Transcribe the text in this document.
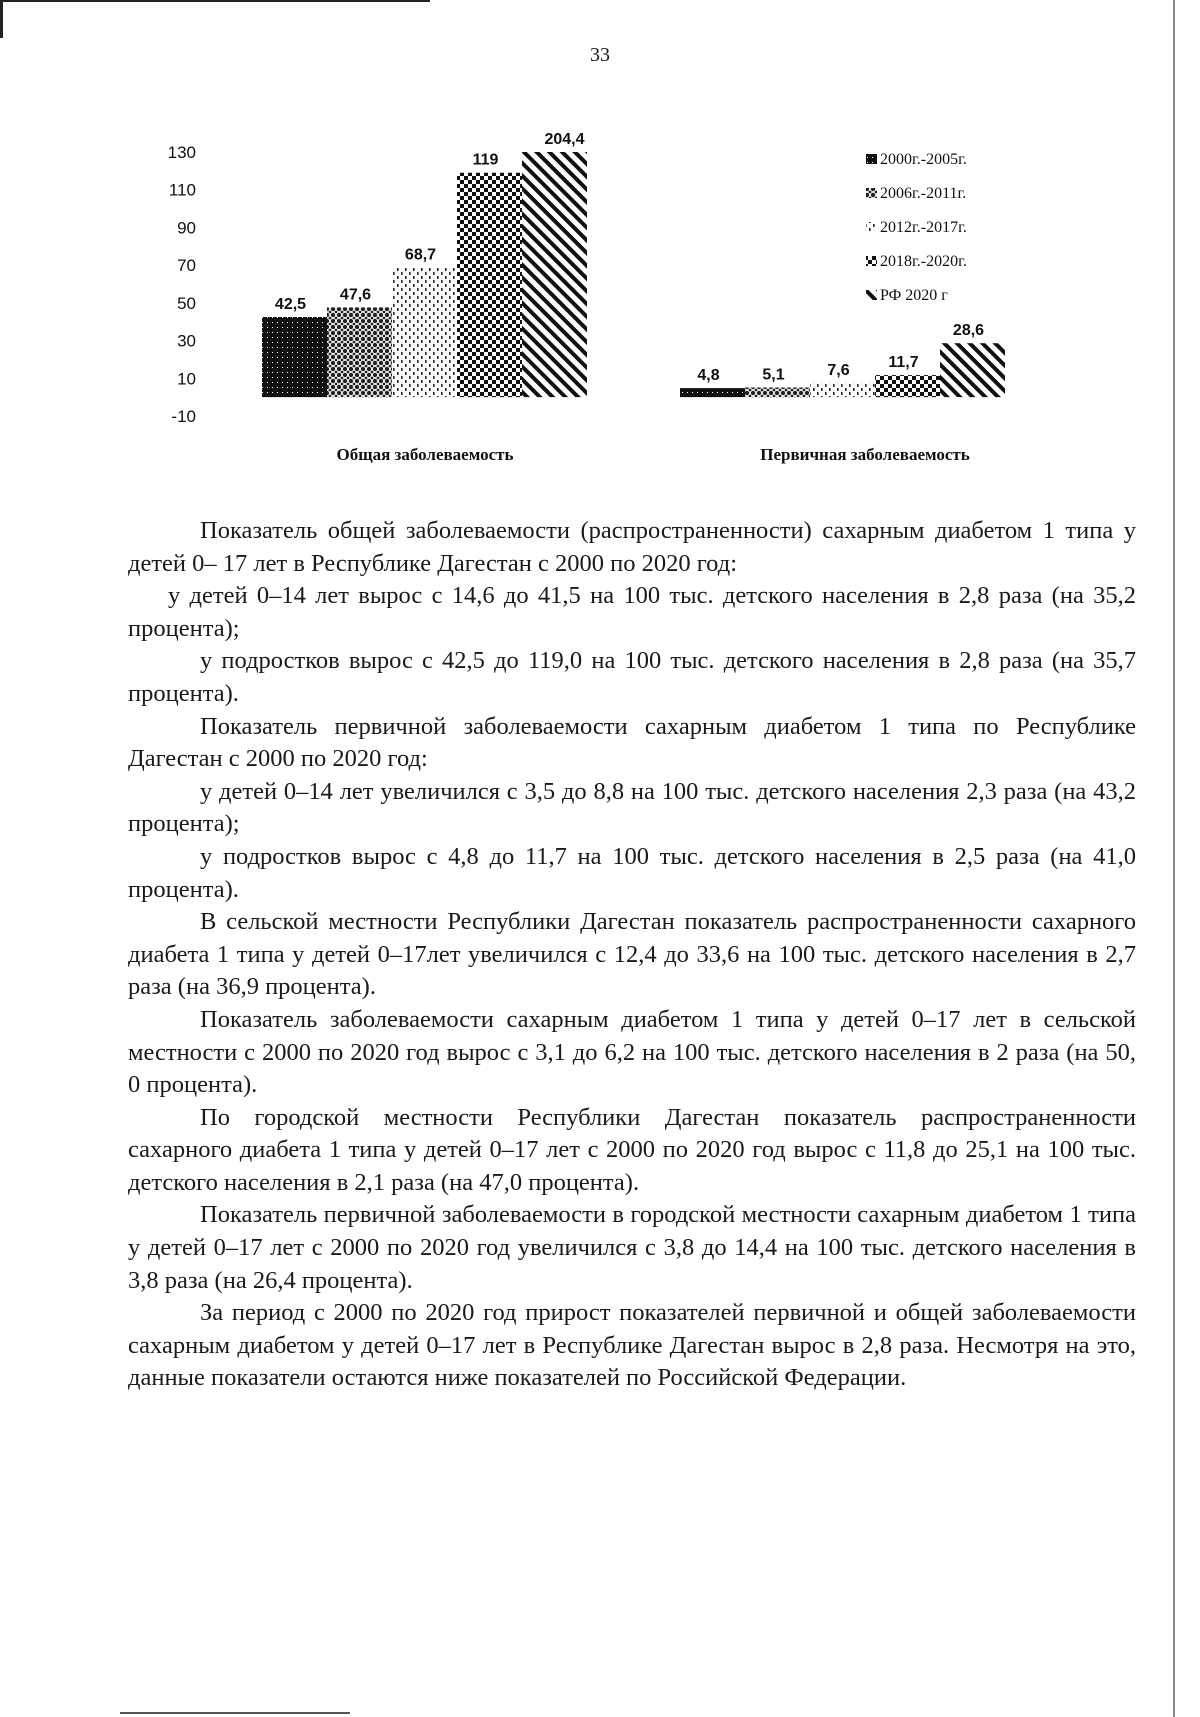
33
130
110
90
70
50
30
10
-10
42,5
47,6
68,7
119
204,4
4,8	5,1	7,6 11,7
28,6
2000г.-2005г.
2006г.-2011г.
2012г.-2017г.
2018г.-2020г.
РФ 2020 г
Общая заболеваемость	Первичная заболеваемость

Показатель общей заболеваемости (распространенности) сахарным диабетом 1 типа у детей 0– 17 лет в Республике Дагестан с 2000 по 2020 год:

у детей 0–14 лет вырос с 14,6 до 41,5 на 100 тыс. детского населения в 2,8 раза (на 35,2 процента);

у подростков вырос с 42,5 до 119,0 на 100 тыс. детского населения в 2,8 раза (на 35,7 процента).

Показатель первичной заболеваемости сахарным диабетом 1 типа по Республике Дагестан с 2000 по 2020 год:

у детей 0–14 лет увеличился с 3,5 до 8,8 на 100 тыс. детского населения 2,3 раза (на 43,2 процента);

у подростков вырос с 4,8 до 11,7 на 100 тыс. детского населения в 2,5 раза (на 41,0 процента).

В сельской местности Республики Дагестан показатель распространенности сахарного диабета 1 типа у детей 0–17лет увеличился с 12,4 до 33,6 на 100 тыс. детского населения в 2,7 раза (на 36,9 процента).

Показатель заболеваемости сахарным диабетом 1 типа у детей 0–17 лет в сельской местности с 2000 по 2020 год вырос с 3,1 до 6,2 на 100 тыс. детского населения в 2 раза (на 50, 0 процента).

По городской местности Республики Дагестан показатель распространенности сахарного диабета 1 типа у детей 0–17 лет с 2000 по 2020 год вырос с 11,8 до 25,1 на 100 тыс. детского населения в 2,1 раза (на 47,0 процента).

Показатель первичной заболеваемости в городской местности сахарным диабетом 1 типа у детей 0–17 лет с 2000 по 2020 год увеличился с 3,8 до 14,4 на 100 тыс. детского населения в 3,8 раза (на 26,4 процента).

За период с 2000 по 2020 год прирост показателей первичной и общей заболеваемости сахарным диабетом у детей 0–17 лет в Республике Дагестан вырос в 2,8 раза. Несмотря на это, данные показатели остаются ниже показателей по Российской Федерации.
